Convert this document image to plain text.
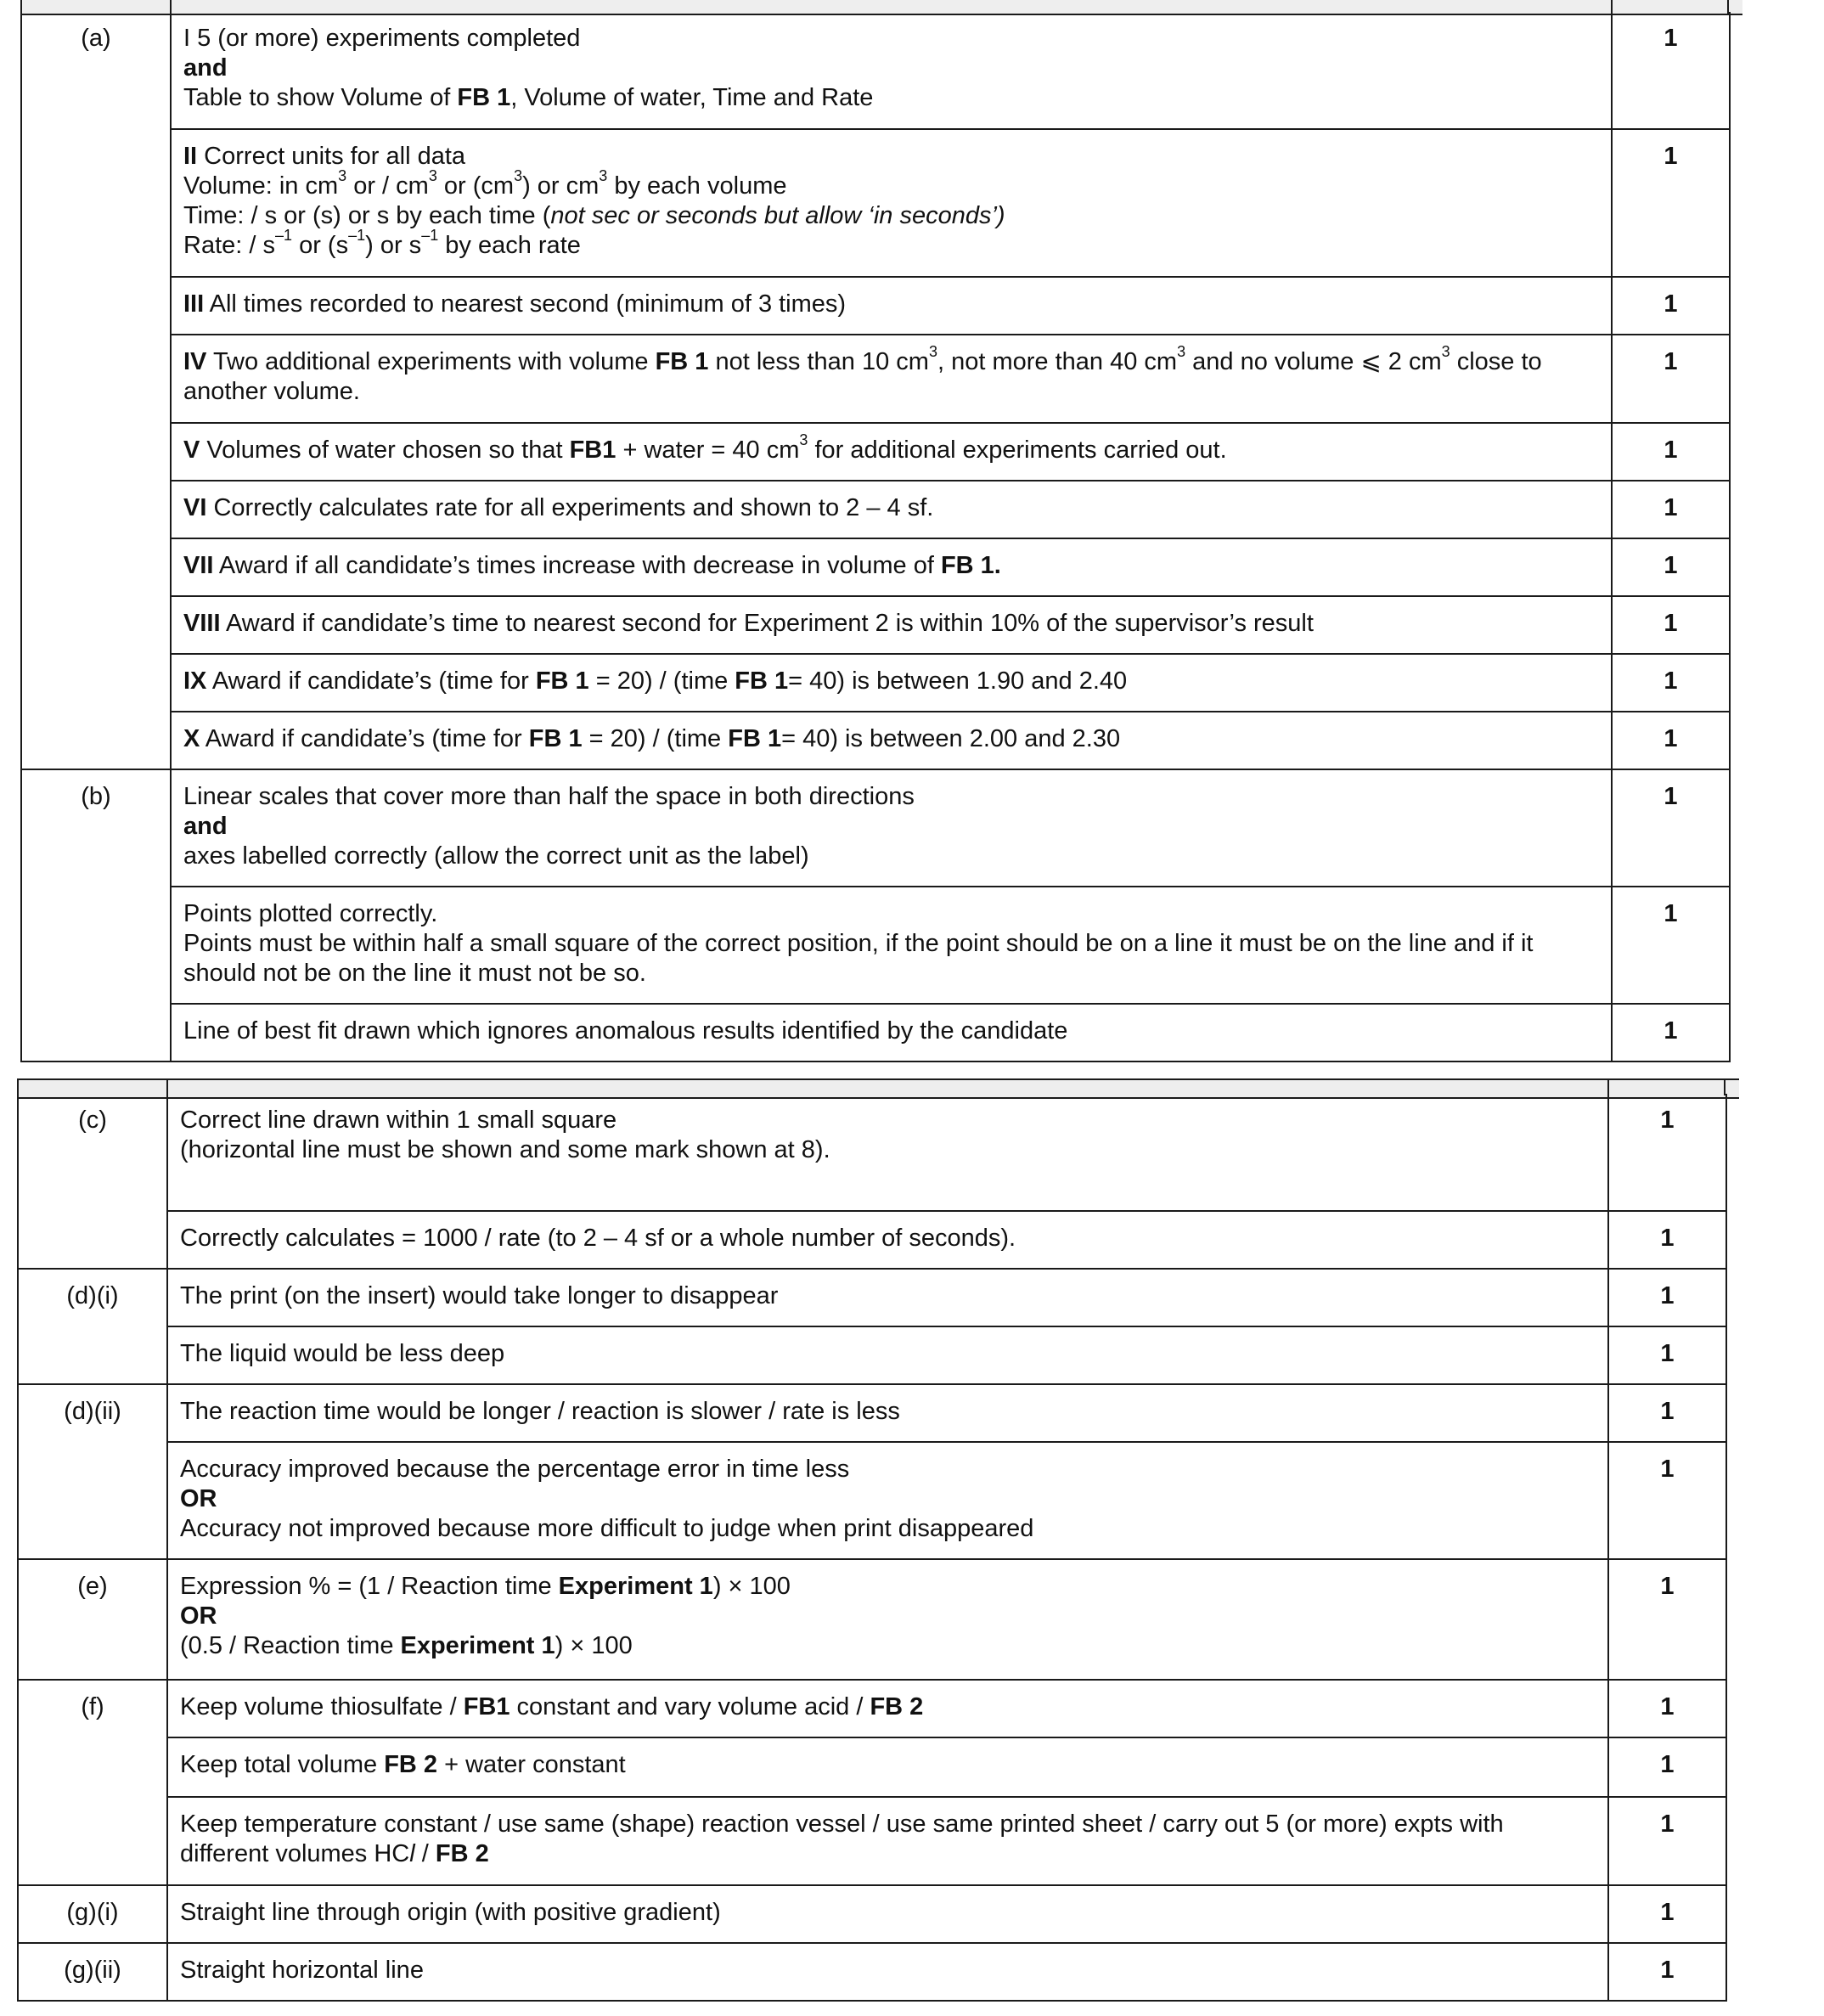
(a)	I 5 (or more) experiments completed
and
Table to show Volume of FB 1, Volume of water, Time and Rate	1
	II Correct units for all data
Volume: in $cm^3$ or / $cm^3$ or $(cm^3)$ or $cm^3$ by each volume
Time: / s or (s) or s by each time (not sec or seconds but allow ‘in seconds’)
Rate: / $s^{-1}$ or $(s^{-1})$ or $s^{-1}$ by each rate	1
	III All times recorded to nearest second (minimum of 3 times)	1
	IV Two additional experiments with volume FB 1 not less than 10 $cm^3$, not more than 40 $cm^3$ and no volume ⩽ 2 $cm^3$ close to another volume.	1
	V Volumes of water chosen so that FB1 + water = 40 $cm^3$ for additional experiments carried out.	1
	VI Correctly calculates rate for all experiments and shown to 2 – 4 sf.	1
	VII Award if all candidate’s times increase with decrease in volume of FB 1.	1
	VIII Award if candidate’s time to nearest second for Experiment 2 is within 10% of the supervisor’s result	1
	IX Award if candidate’s (time for FB 1 = 20) / (time FB 1= 40) is between 1.90 and 2.40	1
	X Award if candidate’s (time for FB 1 = 20) / (time FB 1= 40) is between 2.00 and 2.30	1
(b)	Linear scales that cover more than half the space in both directions
and
axes labelled correctly (allow the correct unit as the label)	1
	Points plotted correctly.
Points must be within half a small square of the correct position, if the point should be on a line it must be on the line and if it should not be on the line it must not be so.	1
	Line of best fit drawn which ignores anomalous results identified by the candidate	1
(c)	Correct line drawn within 1 small square
(horizontal line must be shown and some mark shown at 8).	1
	Correctly calculates = 1000 / rate (to 2 – 4 sf or a whole number of seconds).	1
(d)(i)	The print (on the insert) would take longer to disappear	1
	The liquid would be less deep	1
(d)(ii)	The reaction time would be longer / reaction is slower / rate is less	1
	Accuracy improved because the percentage error in time less
OR
Accuracy not improved because more difficult to judge when print disappeared	1
(e)	Expression % = (1 / Reaction time Experiment 1) × 100
OR
(0.5 / Reaction time Experiment 1) × 100	1
(f)	Keep volume thiosulfate / FB1 constant and vary volume acid / FB 2	1
	Keep total volume FB 2 + water constant	1
	Keep temperature constant / use same (shape) reaction vessel / use same printed sheet / carry out 5 (or more) expts with different volumes HCl / FB 2	1
(g)(i)	Straight line through origin (with positive gradient)	1
(g)(ii)	Straight horizontal line	1
